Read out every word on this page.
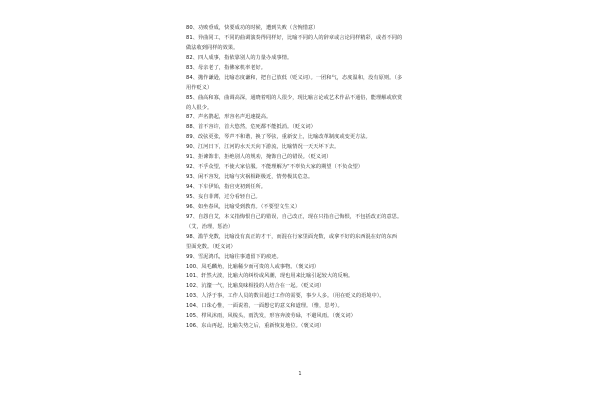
80、功败垂成，快要成功的时候，遭到失败（含惋惜意）
81、异曲同工，不同的曲调演奏得同样好，比喻不同的人的辞章或言论同样精彩，或者不同的
做法收到同样的效果。
82、四人成事，指依靠别人的力量办成事情。
83、母亲老了，指佛家机率老好。
84、抛作谦逊，比喻态度谦和，把自己放低（贬义词）。一团和气，态度温和，没有原则。（多
用作贬义）
85、曲高和寡，曲调高深，通晓着唱的人很少，现比喻言论或艺术作品不通俗，能理解或欣赏
的人很少。
87、声名鹊起，形容名声迅速提高。
88、首不容许，首大悠然，危死都不能抵消。（贬义词）
89、改弦更张，琴声不和谐，换了琴弦，重新安上，比喻改革制度或变更方法。
90、江河日下，江河的水天天向下游流，比喻情况一天天坏下去。
91、拒谏饰非，拒绝别人的规劝，掩饰自己的错误。（贬义词）
92、不孚众望，不使大家信服。不能理解为“不辜负大家的期望（不负众望）
93、闲不容发，比喻与灾祸相距极近，情势极其危急。
94、下车伊始，指官吏初到任所。
95、妄自菲薄，过分看轻自己。
96、如坐春风，比喻受到教育。（不要望文生义）
97、自怨自艾，本义指悔恨自己的错误，自己改正，现在只指自己悔恨，不包括改正的意思。
（艾，治理，惩治）
98、滥竽充数，比喻没有真正的才干，而混在行家里面充数，或拿不好的东西混在好的东西
里面充数。（贬义词）
99、雪泥鸿爪，比喻往事遗留下的痕迹。
100、凤毛麟角，比喻稀少而可贵的人或事物。（褒义词）
101、轩然大波，比喻大的纠纷或风潮，现也用来比喻引起较大的反响。
102、沆瀣一气，比喻臭味相投的人结合在一起。（贬义词）
103、人浮于事，工作人员的数目超过工作的需要，事少人多。（用在贬义的语境中）。
104、口诛心惟，一面说着，一面想它的意义和道理。（惟，思考）。
105、栉风沐雨，风梳头，雨洗发，形容奔波劳碌，不避风雨。（褒义词）
106、东山再起，比喻失势之后，重新恢复地位。（褒义词）
1
